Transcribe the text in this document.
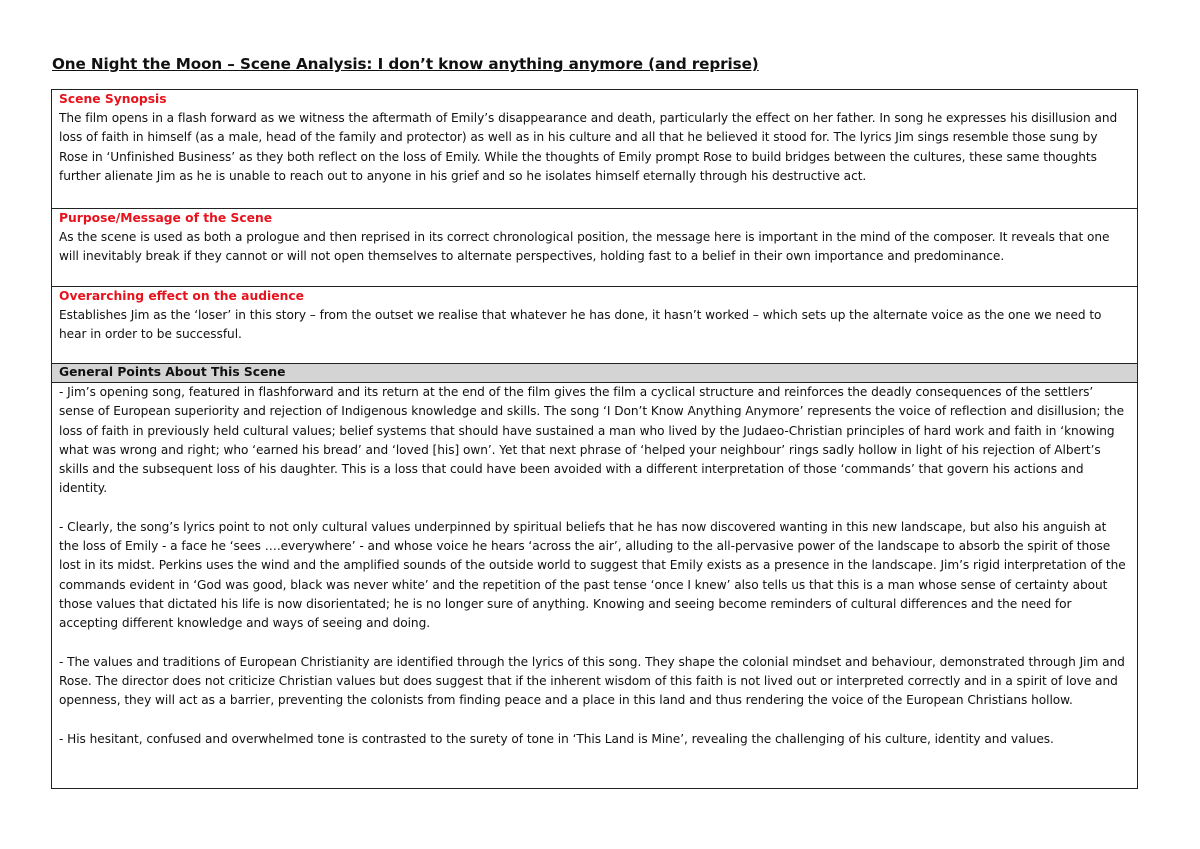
One Night the Moon – Scene Analysis: I don’t know anything anymore (and reprise)
Scene Synopsis
The film opens in a flash forward as we witness the aftermath of Emily’s disappearance and death, particularly the effect on her father. In song he expresses his disillusion and loss of faith in himself (as a male, head of the family and protector) as well as in his culture and all that he believed it stood for. The lyrics Jim sings resemble those sung by Rose in ‘Unfinished Business’ as they both reflect on the loss of Emily. While the thoughts of Emily prompt Rose to build bridges between the cultures, these same thoughts further alienate Jim as he is unable to reach out to anyone in his grief and so he isolates himself eternally through his destructive act.
Purpose/Message of the Scene
As the scene is used as both a prologue and then reprised in its correct chronological position, the message here is important in the mind of the composer. It reveals that one will inevitably break if they cannot or will not open themselves to alternate perspectives, holding fast to a belief in their own importance and predominance.
Overarching effect on the audience
Establishes Jim as the ‘loser’ in this story – from the outset we realise that whatever he has done, it hasn’t worked – which sets up the alternate voice as the one we need to hear in order to be successful.
General Points About This Scene

- Jim’s opening song, featured in flashforward and its return at the end of the film gives the film a cyclical structure and reinforces the deadly consequences of the settlers’ sense of European superiority and rejection of Indigenous knowledge and skills. The song ‘I Don’t Know Anything Anymore’ represents the voice of reflection and disillusion; the loss of faith in previously held cultural values; belief systems that should have sustained a man who lived by the Judaeo-Christian principles of hard work and faith in ‘knowing what was wrong and right; who ‘earned his bread’ and ‘loved [his] own’. Yet that next phrase of ‘helped your neighbour’ rings sadly hollow in light of his rejection of Albert’s skills and the subsequent loss of his daughter. This is a loss that could have been avoided with a different interpretation of those ‘commands’ that govern his actions and identity.

- Clearly, the song’s lyrics point to not only cultural values underpinned by spiritual beliefs that he has now discovered wanting in this new landscape, but also his anguish at the loss of Emily - a face he ‘sees ….everywhere’ - and whose voice he hears ‘across the air’, alluding to the all-pervasive power of the landscape to absorb the spirit of those lost in its midst. Perkins uses the wind and the amplified sounds of the outside world to suggest that Emily exists as a presence in the landscape. Jim’s rigid interpretation of the commands evident in ‘God was good, black was never white’ and the repetition of the past tense ‘once I knew’ also tells us that this is a man whose sense of certainty about those values that dictated his life is now disorientated; he is no longer sure of anything. Knowing and seeing become reminders of cultural differences and the need for accepting different knowledge and ways of seeing and doing.

- The values and traditions of European Christianity are identified through the lyrics of this song. They shape the colonial mindset and behaviour, demonstrated through Jim and Rose. The director does not criticize Christian values but does suggest that if the inherent wisdom of this faith is not lived out or interpreted correctly and in a spirit of love and openness, they will act as a barrier, preventing the colonists from finding peace and a place in this land and thus rendering the voice of the European Christians hollow.

- His hesitant, confused and overwhelmed tone is contrasted to the surety of tone in ‘This Land is Mine’, revealing the challenging of his culture, identity and values.
